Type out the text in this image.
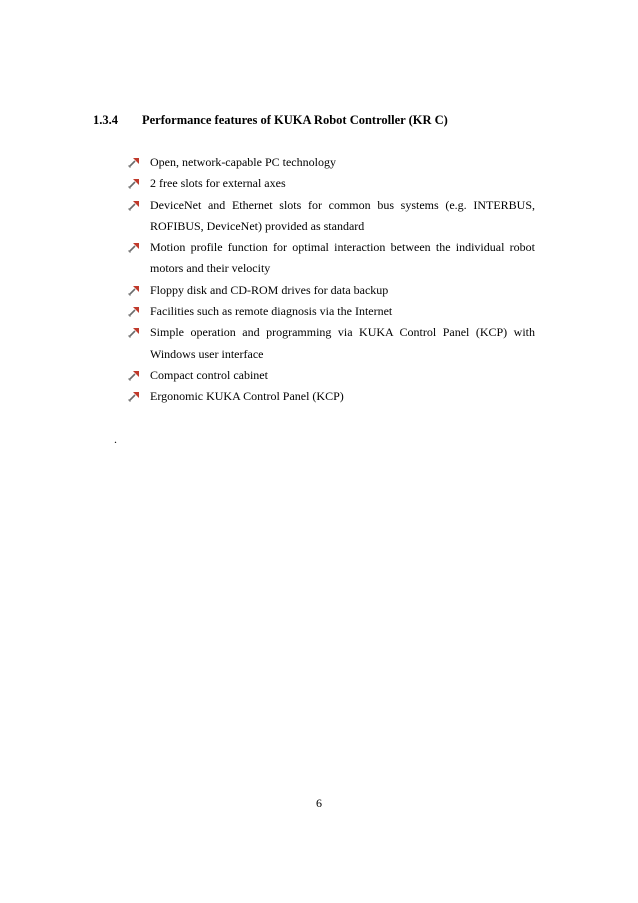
1.3.4	Performance features of KUKA Robot Controller (KR C)
Open, network-capable PC technology
2 free slots for external axes
DeviceNet and Ethernet slots for common bus systems (e.g. INTERBUS, ROFIBUS, DeviceNet) provided as standard
Motion profile function for optimal interaction between the individual robot motors and their velocity
Floppy disk and CD-ROM drives for data backup
Facilities such as remote diagnosis via the Internet
Simple operation and programming via KUKA Control Panel (KCP) with Windows user interface
Compact control cabinet
Ergonomic KUKA Control Panel (KCP)
.
6
